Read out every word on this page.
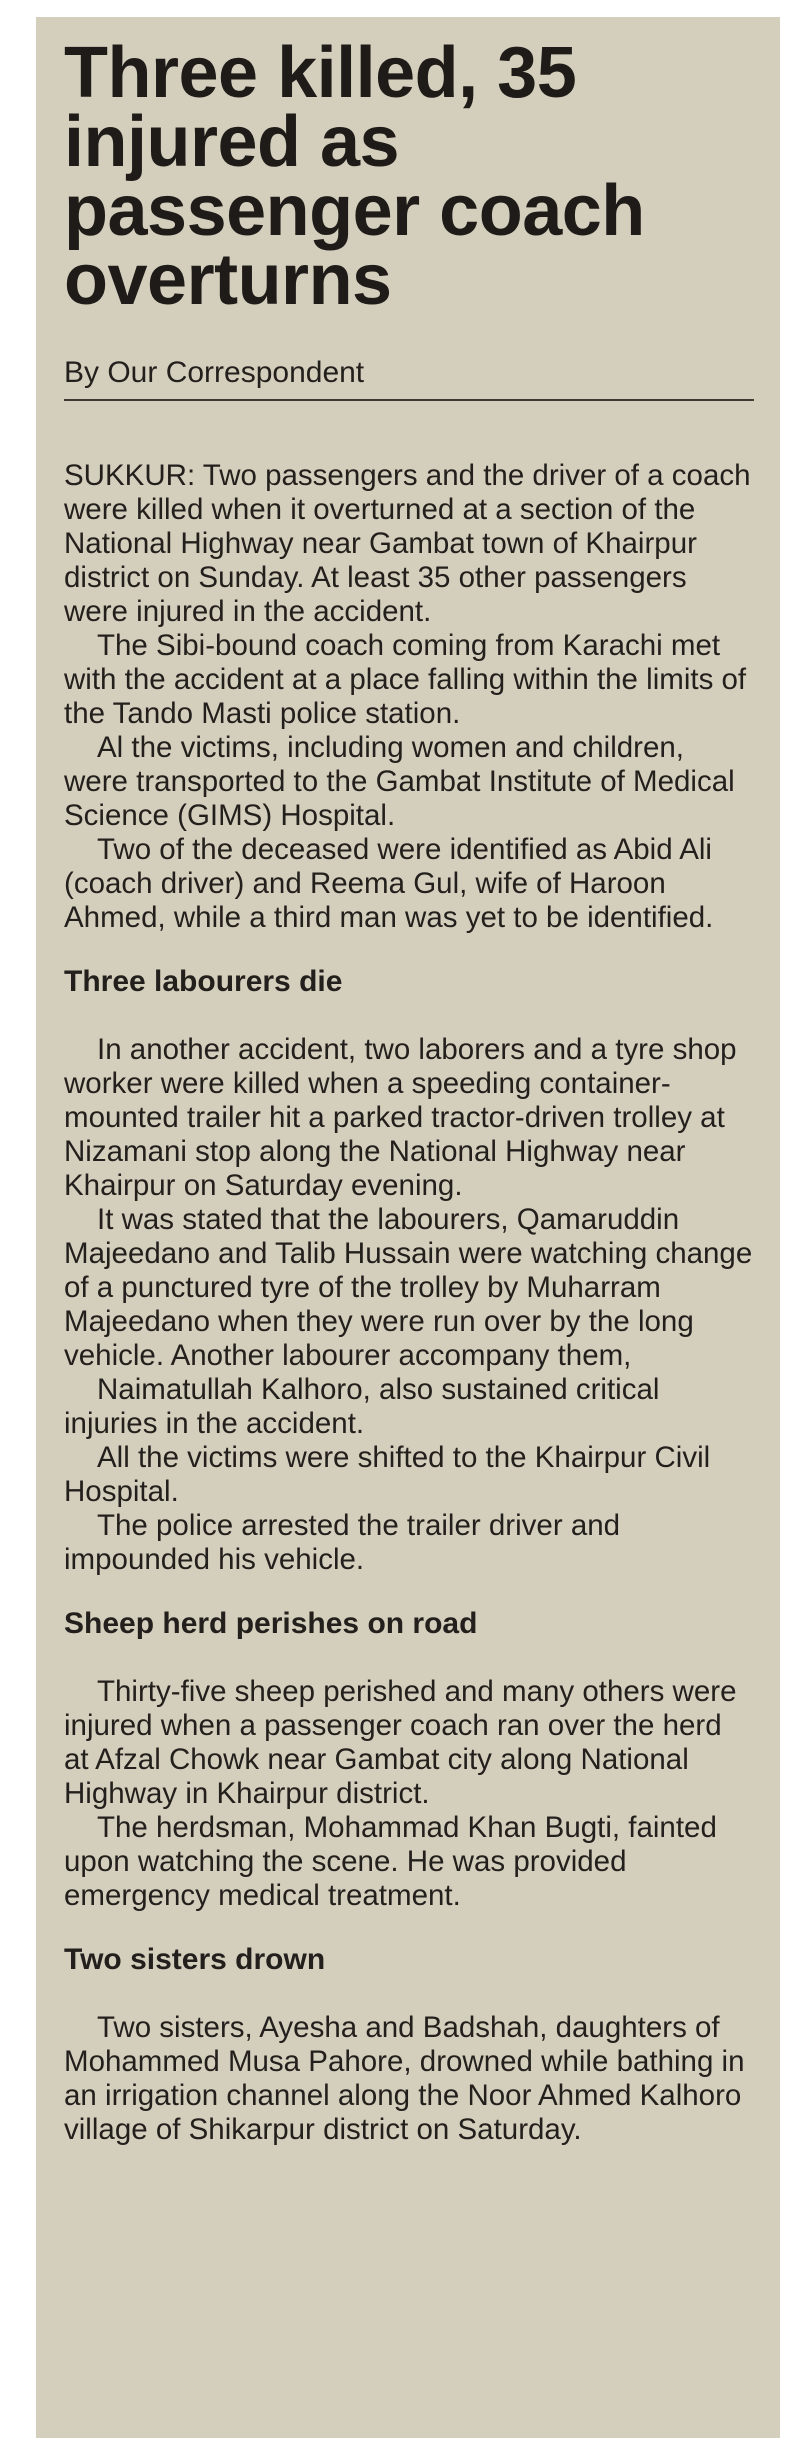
Three killed, 35 injured as passenger coach overturns
By Our Correspondent

SUKKUR: Two passengers and the driver of a coach were killed when it overturned at a section of the National Highway near Gambat town of Khairpur district on Sunday. At least 35 other passengers were injured in the accident.

The Sibi-bound coach coming from Karachi met with the accident at a place falling within the limits of the Tando Masti police station.

Al the victims, including women and children, were transported to the Gambat Institute of Medical Science (GIMS) Hospital.

Two of the deceased were identified as Abid Ali (coach driver) and Reema Gul, wife of Haroon Ahmed, while a third man was yet to be identified.

Three labourers die

In another accident, two laborers and a tyre shop worker were killed when a speeding container-mounted trailer hit a parked tractor-driven trolley at Nizamani stop along the National Highway near Khairpur on Saturday evening.

It was stated that the labourers, Qamaruddin Majeedano and Talib Hussain were watching change of a punctured tyre of the trolley by Muharram Majeedano when they were run over by the long vehicle. Another labourer accompany them,

Naimatullah Kalhoro, also sustained critical injuries in the accident.

All the victims were shifted to the Khairpur Civil Hospital.

The police arrested the trailer driver and impounded his vehicle.

Sheep herd perishes on road

Thirty-five sheep perished and many others were injured when a passenger coach ran over the herd at Afzal Chowk near Gambat city along National Highway in Khairpur district.

The herdsman, Mohammad Khan Bugti, fainted upon watching the scene. He was provided emergency medical treatment.

Two sisters drown

Two sisters, Ayesha and Badshah, daughters of Mohammed Musa Pahore, drowned while bathing in an irrigation channel along the Noor Ahmed Kalhoro village of Shikarpur district on Saturday.
